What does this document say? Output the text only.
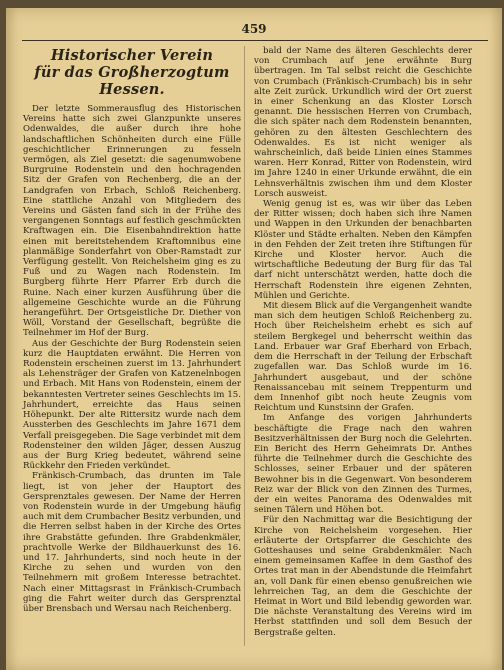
459
Historischer Verein
für das Großherzogtum Hessen.

Der letzte Sommerausflug des Historischen Vereins hatte sich zwei Glanzpunkte unseres Odenwaldes, die außer durch ihre hohe landschaftlichen Schönheiten durch eine Fülle geschichtlicher Erinnerungen zu fesseln vermögen, als Ziel gesetzt: die sagenumwobene Burgruine Rodenstein und den hochragenden Sitz der Grafen von Rechenberg, die an der Landgrafen von Erbach, Schloß Reichenberg. Eine stattliche Anzahl von Mitgliedern des Vereins und Gästen fand sich in der Frühe des vergangenen Sonntags auf festlich geschmückten Kraftwagen ein. Die Eisenbahndirektion hatte einen mit bereitstehendem Kraftomnibus eine planmäßige Sonderfahrt von Ober-Ramstadt zur Verfügung gestellt. Von Reichelsheim ging es zu Fuß und zu Wagen nach Rodenstein. Im Burgberg führte Herr Pfarrer Erb durch die Ruine. Nach einer kurzen Ausführung über die allgemeine Geschichte wurde an die Führung herangeführt. Der Ortsgeistliche Dr. Diether von Wöll, Vorstand der Gesellschaft, begrüßte die Teilnehmer im Hof der Burg.

Aus der Geschichte der Burg Rodenstein seien kurz die Hauptdaten erwähnt. Die Herren von Rodenstein erscheinen zuerst im 13. Jahrhundert als Lehensträger der Grafen von Katzenelnbogen und Erbach. Mit Hans von Rodenstein, einem der bekanntesten Vertreter seines Geschlechts im 15. Jahrhundert, erreichte das Haus seinen Höhepunkt. Der alte Rittersitz wurde nach dem Aussterben des Geschlechts im Jahre 1671 dem Verfall preisgegeben. Die Sage verbindet mit dem Rodensteiner den wilden Jäger, dessen Auszug aus der Burg Krieg bedeutet, während seine Rückkehr den Frieden verkündet.

Fränkisch-Crumbach, das drunten im Tale liegt, ist von jeher der Hauptort des Gersprenztales gewesen. Der Name der Herren von Rodenstein wurde in der Umgebung häufig auch mit dem Crumbacher Besitz verbunden, und die Herren selbst haben in der Kirche des Ortes ihre Grabstätte gefunden. Ihre Grabdenkmäler, prachtvolle Werke der Bildhauerkunst des 16. und 17. Jahrhunderts, sind noch heute in der Kirche zu sehen und wurden von den Teilnehmern mit großem Interesse betrachtet. Nach einer Mittagsrast in Fränkisch-Crumbach ging die Fahrt weiter durch das Gersprenztal über Brensbach und Wersau nach Reichenberg.

bald der Name des älteren Geschlechts derer von Crumbach auf jene erwähnte Burg übertragen. Im Tal selbst reicht die Geschichte von Crumbach (Fränkisch-Crumbach) bis in sehr alte Zeit zurück. Urkundlich wird der Ort zuerst in einer Schenkung an das Kloster Lorsch genannt. Die hessischen Herren von Crumbach, die sich später nach dem Rodenstein benannten, gehören zu den ältesten Geschlechtern des Odenwaldes. Es ist nicht weniger als wahrscheinlich, daß beide Linien eines Stammes waren. Herr Konrad, Ritter von Rodenstein, wird im Jahre 1240 in einer Urkunde erwähnt, die ein Lehnsverhältnis zwischen ihm und dem Kloster Lorsch ausweist.

Wenig genug ist es, was wir über das Leben der Ritter wissen; doch haben sich ihre Namen und Wappen in den Urkunden der benachbarten Klöster und Städte erhalten. Neben den Kämpfen in den Fehden der Zeit treten ihre Stiftungen für Kirche und Kloster hervor. Auch die wirtschaftliche Bedeutung der Burg für das Tal darf nicht unterschätzt werden, hatte doch die Herrschaft Rodenstein ihre eigenen Zehnten, Mühlen und Gerichte.

Mit diesem Blick auf die Vergangenheit wandte man sich dem heutigen Schloß Reichenberg zu. Hoch über Reichelsheim erhebt es sich auf steilem Bergkegel und beherrscht weithin das Land. Erbauer war Graf Eberhard von Erbach, dem die Herrschaft in der Teilung der Erbschaft zugefallen war. Das Schloß wurde im 16. Jahrhundert ausgebaut, und der schöne Renaissancebau mit seinem Treppenturm und dem Innenhof gibt noch heute Zeugnis vom Reichtum und Kunstsinn der Grafen.

Im Anfange des vorigen Jahrhunderts beschäftigte die Frage nach den wahren Besitzverhältnissen der Burg noch die Gelehrten. Ein Bericht des Herrn Geheimrats Dr. Anthes führte die Teilnehmer durch die Geschichte des Schlosses, seiner Erbauer und der späteren Bewohner bis in die Gegenwart. Von besonderem Reiz war der Blick von den Zinnen des Turmes, der ein weites Panorama des Odenwaldes mit seinen Tälern und Höhen bot.

Für den Nachmittag war die Besichtigung der Kirche von Reichelsheim vorgesehen. Hier erläuterte der Ortspfarrer die Geschichte des Gotteshauses und seine Grabdenkmäler. Nach einem gemeinsamen Kaffee in dem Gasthof des Ortes trat man in der Abendstunde die Heimfahrt an, voll Dank für einen ebenso genußreichen wie lehrreichen Tag, an dem die Geschichte der Heimat in Wort und Bild lebendig geworden war. Die nächste Veranstaltung des Vereins wird im Herbst stattfinden und soll dem Besuch der Bergstraße gelten.
